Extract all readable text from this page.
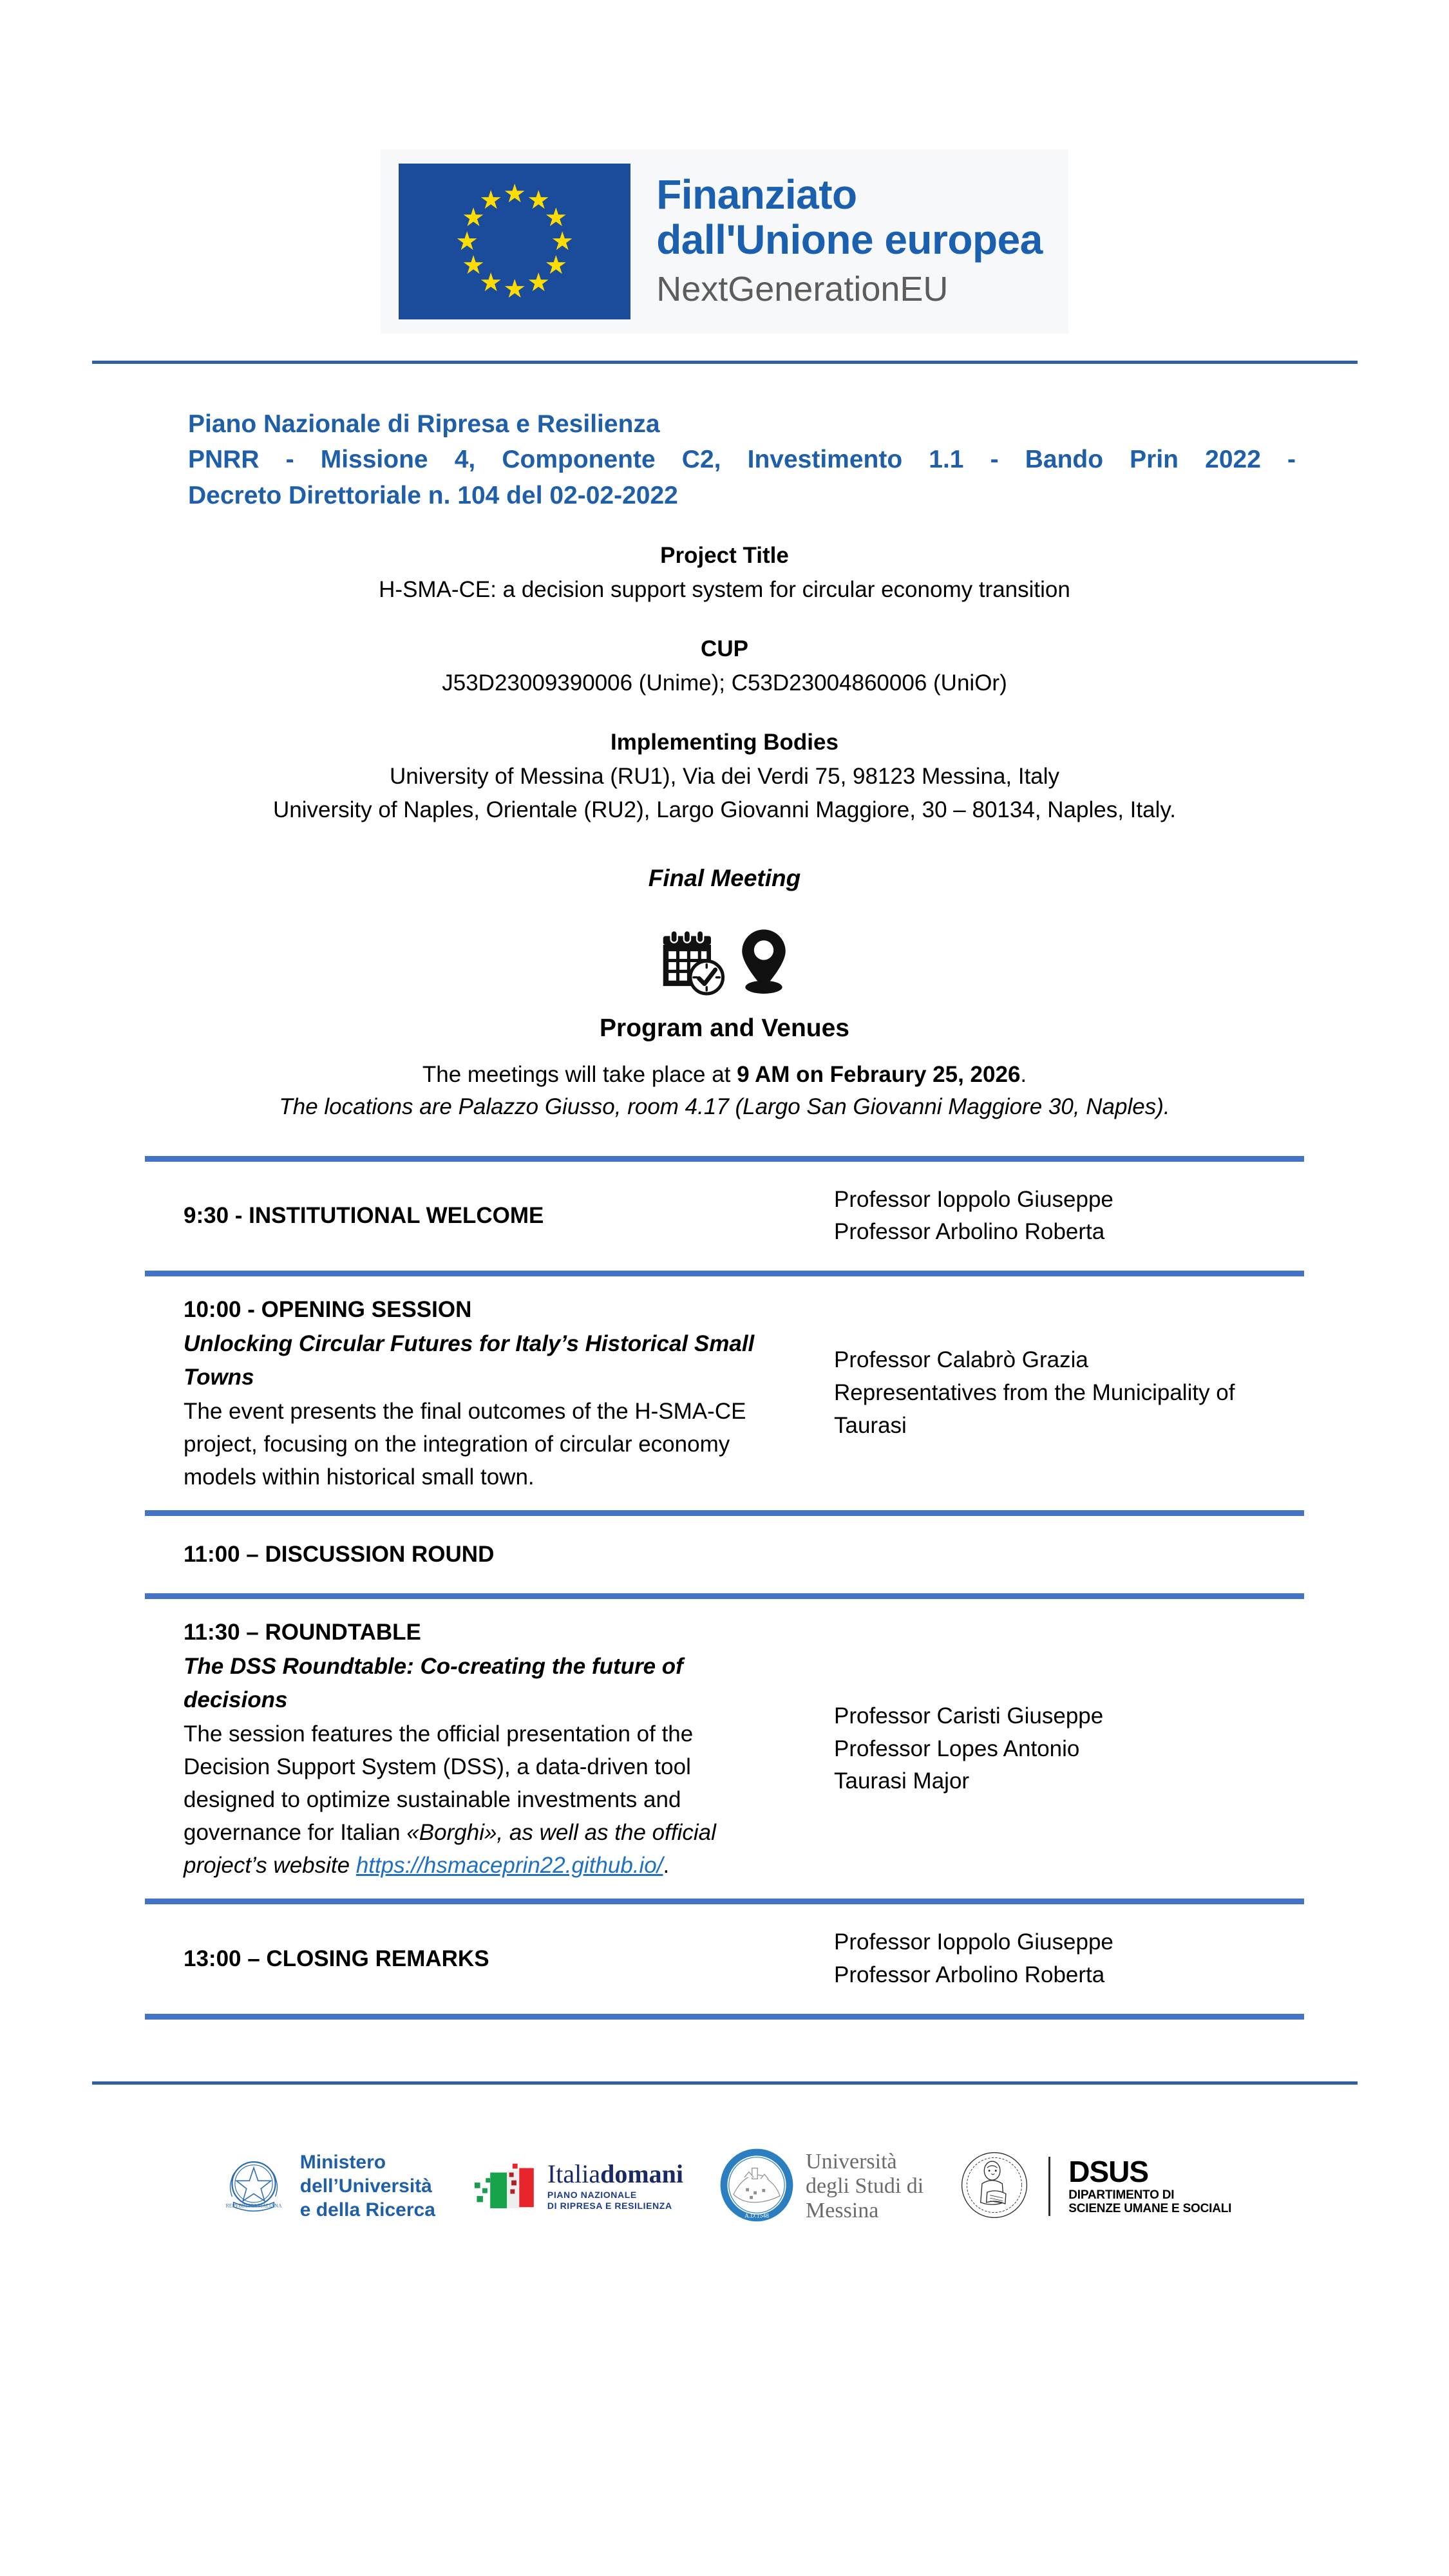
★ ★
★
★
★
★
★
★
★
★
★
★	Finanziato
dall'Unione europea
NextGenerationEU
Piano Nazionale di Ripresa e Resilienza
PNRR - Missione 4, Componente C2, Investimento 1.1 - Bando Prin 2022 -
Decreto Direttoriale n. 104 del 02-02-2022
Project Title
H-SMA-CE: a decision support system for circular economy transition
CUP
J53D23009390006 (Unime); C53D23004860006 (UniOr)
Implementing Bodies
University of Messina (RU1), Via dei Verdi 75, 98123 Messina, Italy
University of Naples, Orientale (RU2), Largo Giovanni Maggiore, 30 – 80134, Naples, Italy.
Final Meeting
Program and Venues
The meetings will take place at 9 AM on Febraury 25, 2026.
The locations are Palazzo Giusso, room 4.17 (Largo San Giovanni Maggiore 30, Naples).
9:30 - INSTITUTIONAL WELCOME
Professor Ioppolo Giuseppe
Professor Arbolino Roberta
10:00 - OPENING SESSION
Unlocking Circular Futures for Italy’s Historical Small Towns
The event presents the final outcomes of the H-SMA-CE project, focusing on the integration of circular economy models within historical small town.
Professor Calabrò Grazia
Representatives from the Municipality of Taurasi
11:00 – DISCUSSION ROUND
11:30 – ROUNDTABLE
The DSS Roundtable: Co-creating the future of decisions
The session features the official presentation of the Decision Support System (DSS), a data-driven tool designed to optimize sustainable investments and governance for Italian «Borghi», as well as the official project’s website https://hsmaceprin22.github.io/.
Professor Caristi Giuseppe
Professor Lopes Antonio
Taurasi Major
13:00 – CLOSING REMARKS
Professor Ioppolo Giuseppe
Professor Arbolino Roberta
REPVBBLICA ITALIANA
Ministero
dell’Università
e della Ricerca
Italiadomani
PIANO NAZIONALE
DI RIPRESA E RESILIENZA
A.D.1548
Università
degli Studi di
Messina
DSUS
DIPARTIMENTO DI
SCIENZE UMANE E SOCIALI
